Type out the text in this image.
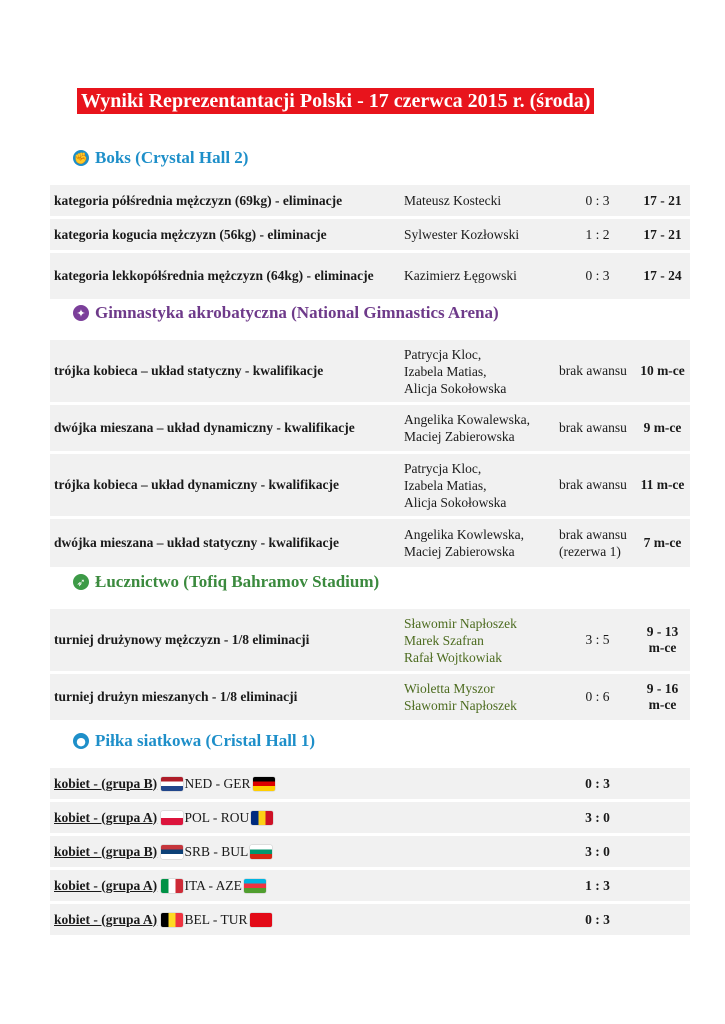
Wyniki Reprezentantacji Polski - 17 czerwca 2015 r. (środa)
✊ Boks (Crystal Hall 2)
kategoria półśrednia mężczyzn (69kg) - eliminacje	Mateusz Kostecki	0 : 3	17 - 21
kategoria koguciа mężczyzn (56kg) - eliminacje	Sylwester Kozłowski	1 : 2	17 - 21
kategoria lekkopółśrednia mężczyzn (64kg) - eliminacje	Kazimierz Łęgowski	0 : 3	17 - 24
✦ Gimnastyka akrobatyczna (National Gimnastics Arena)
trójka kobieca – układ statyczny - kwalifikacje	Patrycja Kloc,
Izabela Matias,
Alicja Sokołowska	brak awansu	10 m-ce
dwójka mieszana – układ dynamiczny - kwalifikacje	Angelika Kowalewska,
Maciej Zabierowska	brak awansu	9 m-ce
trójka kobieca – układ dynamiczny - kwalifikacje	Patrycja Kloc,
Izabela Matias,
Alicja Sokołowska	brak awansu	11 m-ce
dwójka mieszana – układ statyczny - kwalifikacje	Angelika Kowlewska,
Maciej Zabierowska	brak awansu (rezerwa 1)	7 m-ce
➶ Łucznictwo (Tofiq Bahramov Stadium)
turniej drużynowy mężczyzn - 1/8 eliminacji	Sławomir Napłoszek
Marek Szafran
Rafał Wojtkowiak	3 : 5	9 - 13 m-ce
turniej drużyn mieszanych - 1/8 eliminacji	Wioletta Myszor
Sławomir Napłoszek	0 : 6	9 - 16 m-ce
● Piłka siatkowa (Cristal Hall 1)
kobiet - (grupa B) NED - GER	0 : 3	
kobiet - (grupa A) POL - ROU	3 : 0	
kobiet - (grupa B) SRB - BUL	3 : 0	
kobiet - (grupa A) ITA - AZE	1 : 3	
kobiet - (grupa A) BEL - TUR	0 : 3	
